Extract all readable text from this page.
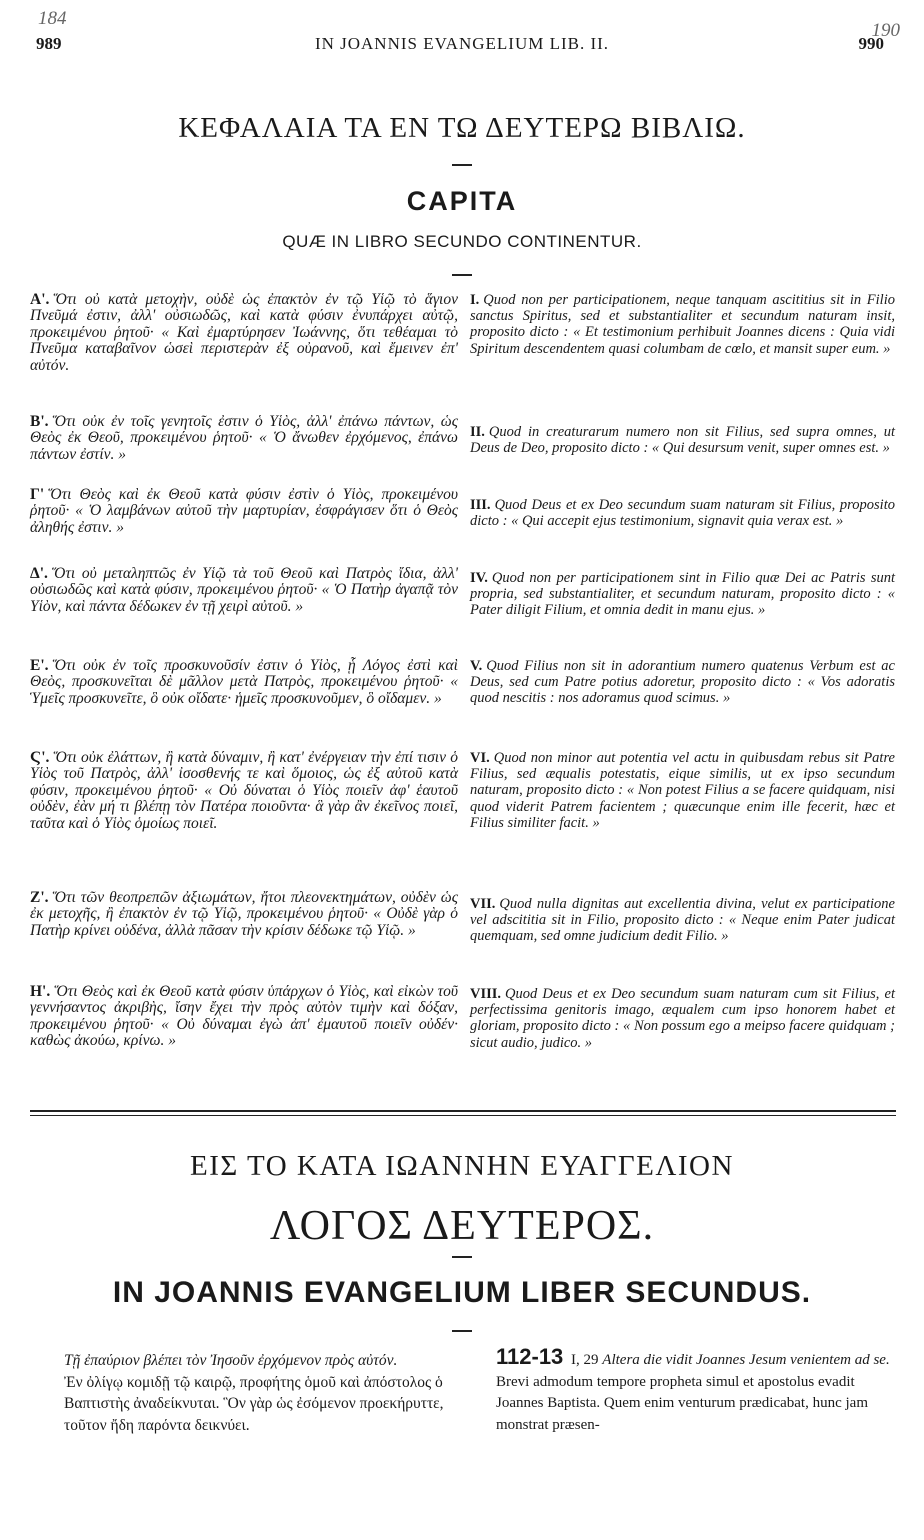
184
989	IN JOANNIS EVANGELIUM LIB. II.
190
990
ΚΕΦΑΛΑΙΑ ΤΑ ΕΝ ΤΩ ΔΕΥΤΕΡΩ ΒΙΒΛΙΩ.
CAPITA
QUÆ IN LIBRO SECUNDO CONTINENTUR.
Α'. Ὅτι οὐ κατὰ μετοχὴν, οὐδὲ ὡς ἐπακτὸν ἐν τῷ Υἱῷ τὸ ἅγιον Πνεῦμά ἐστιν, ἀλλ' οὐσιωδῶς, καὶ κατὰ φύσιν ἐνυπάρχει αὐτῷ, προκειμένου ῥητοῦ· « Καὶ ἐμαρτύρησεν Ἰωάννης, ὅτι τεθέαμαι τὸ Πνεῦμα καταβαῖνον ὡσεὶ περιστερὰν ἐξ οὐρανοῦ, καὶ ἔμεινεν ἐπ' αὐτόν.
Β'. Ὅτι οὐκ ἐν τοῖς γενητοῖς ἐστιν ὁ Υἱὸς, ἀλλ' ἐπάνω πάντων, ὡς Θεὸς ἐκ Θεοῦ, προκειμένου ῥητοῦ· « Ὁ ἄνωθεν ἐρχόμενος, ἐπάνω πάντων ἐστίν. »
Γ' Ὅτι Θεὸς καὶ ἐκ Θεοῦ κατὰ φύσιν ἐστὶν ὁ Υἱὸς, προκειμένου ῥητοῦ· « Ὁ λαμβάνων αὐτοῦ τὴν μαρτυρίαν, ἐσφράγισεν ὅτι ὁ Θεὸς ἀληθής ἐστιν. »
Δ'. Ὅτι οὐ μεταληπτῶς ἐν Υἱῷ τὰ τοῦ Θεοῦ καὶ Πατρὸς ἴδια, ἀλλ' οὐσιωδῶς καὶ κατὰ φύσιν, προκειμένου ῥητοῦ· « Ὁ Πατὴρ ἀγαπᾷ τὸν Υἱὸν, καὶ πάντα δέδωκεν ἐν τῇ χειρὶ αὐτοῦ. »
Ε'. Ὅτι οὐκ ἐν τοῖς προσκυνοῦσίν ἐστιν ὁ Υἱὸς, ᾗ Λόγος ἐστὶ καὶ Θεὸς, προσκυνεῖται δὲ μᾶλλον μετὰ Πατρὸς, προκειμένου ῥητοῦ· « Ὑμεῖς προσκυνεῖτε, ὃ οὐκ οἴδατε· ἡμεῖς προσκυνοῦμεν, ὃ οἴδαμεν. »
Ϛ'. Ὅτι οὐκ ἐλάττων, ἢ κατὰ δύναμιν, ἢ κατ' ἐνέργειαν τὴν ἐπί τισιν ὁ Υἱὸς τοῦ Πατρὸς, ἀλλ' ἰσοσθενής τε καὶ ὅμοιος, ὡς ἐξ αὐτοῦ κατὰ φύσιν, προκειμένου ῥητοῦ· « Οὐ δύναται ὁ Υἱὸς ποιεῖν ἀφ' ἑαυτοῦ οὐδὲν, ἐὰν μή τι βλέπῃ τὸν Πατέρα ποιοῦντα· ἃ γὰρ ἂν ἐκεῖνος ποιεῖ, ταῦτα καὶ ὁ Υἱὸς ὁμοίως ποιεῖ.
Ζ'. Ὅτι τῶν θεοπρεπῶν ἀξιωμάτων, ἤτοι πλεονεκτημάτων, οὐδὲν ὡς ἐκ μετοχῆς, ἢ ἐπακτὸν ἐν τῷ Υἱῷ, προκειμένου ῥητοῦ· « Οὐδὲ γὰρ ὁ Πατὴρ κρίνει οὐδένα, ἀλλὰ πᾶσαν τὴν κρίσιν δέδωκε τῷ Υἱῷ. »
Η'. Ὅτι Θεὸς καὶ ἐκ Θεοῦ κατὰ φύσιν ὑπάρχων ὁ Υἱὸς, καὶ εἰκὼν τοῦ γεννήσαντος ἀκριβὴς, ἴσην ἔχει τὴν πρὸς αὐτὸν τιμὴν καὶ δόξαν, προκειμένου ῥητοῦ· « Οὐ δύναμαι ἐγὼ ἀπ' ἐμαυτοῦ ποιεῖν οὐδέν· καθὼς ἀκούω, κρίνω. »
I. Quod non per participationem, neque tanquam ascititius sit in Filio sanctus Spiritus, sed et substantialiter et secundum naturam insit, proposito dicto : « Et testimonium perhibuit Joannes dicens : Quia vidi Spiritum descendentem quasi columbam de cœlo, et mansit super eum. »
II. Quod in creaturarum numero non sit Filius, sed supra omnes, ut Deus de Deo, proposito dicto : « Qui desursum venit, super omnes est. »
III. Quod Deus et ex Deo secundum suam naturam sit Filius, proposito dicto : « Qui accepit ejus testimonium, signavit quia verax est. »
IV. Quod non per participationem sint in Filio quæ Dei ac Patris sunt propria, sed substantialiter, et secundum naturam, proposito dicto : « Pater diligit Filium, et omnia dedit in manu ejus. »
V. Quod Filius non sit in adorantium numero quatenus Verbum est ac Deus, sed cum Patre potius adoretur, proposito dicto : « Vos adoratis quod nescitis : nos adoramus quod scimus. »
VI. Quod non minor aut potentia vel actu in quibusdam rebus sit Patre Filius, sed æqualis potestatis, eique similis, ut ex ipso secundum naturam, proposito dicto : « Non potest Filius a se facere quidquam, nisi quod viderit Patrem facientem ; quæcunque enim ille fecerit, hæc et Filius similiter facit. »
VII. Quod nulla dignitas aut excellentia divina, velut ex participatione vel adscititia sit in Filio, proposito dicto : « Neque enim Pater judicat quemquam, sed omne judicium dedit Filio. »
VIII. Quod Deus et ex Deo secundum suam naturam cum sit Filius, et perfectissima genitoris imago, æqualem cum ipso honorem habet et gloriam, proposito dicto : « Non possum ego a meipso facere quidquam ; sicut audio, judico. »
ΕΙΣ ΤΟ ΚΑΤΑ ΙΩΑΝΝΗΝ ΕΥΑΓΓΕΛΙΟΝ
ΛΟΓΟΣ ΔΕΥΤΕΡΟΣ.
IN JOANNIS EVANGELIUM LIBER SECUNDUS.
Τῇ ἐπαύριον βλέπει τὸν Ἰησοῦν ἐρχόμενον πρὸς αὐτόν.
Ἐν ὀλίγῳ κομιδῇ τῷ καιρῷ, προφήτης ὁμοῦ καὶ ἀπόστολος ὁ Βαπτιστὴς ἀναδείκνυται. Ὃν γὰρ ὡς ἐσόμενον προεκήρυττε, τοῦτον ἤδη παρόντα δεικνύει.
112-13 I, 29 Altera die vidit Joannes Jesum venientem ad se.
Brevi admodum tempore propheta simul et apostolus evadit Joannes Baptista. Quem enim venturum prædicabat, hunc jam monstrat præsen-
